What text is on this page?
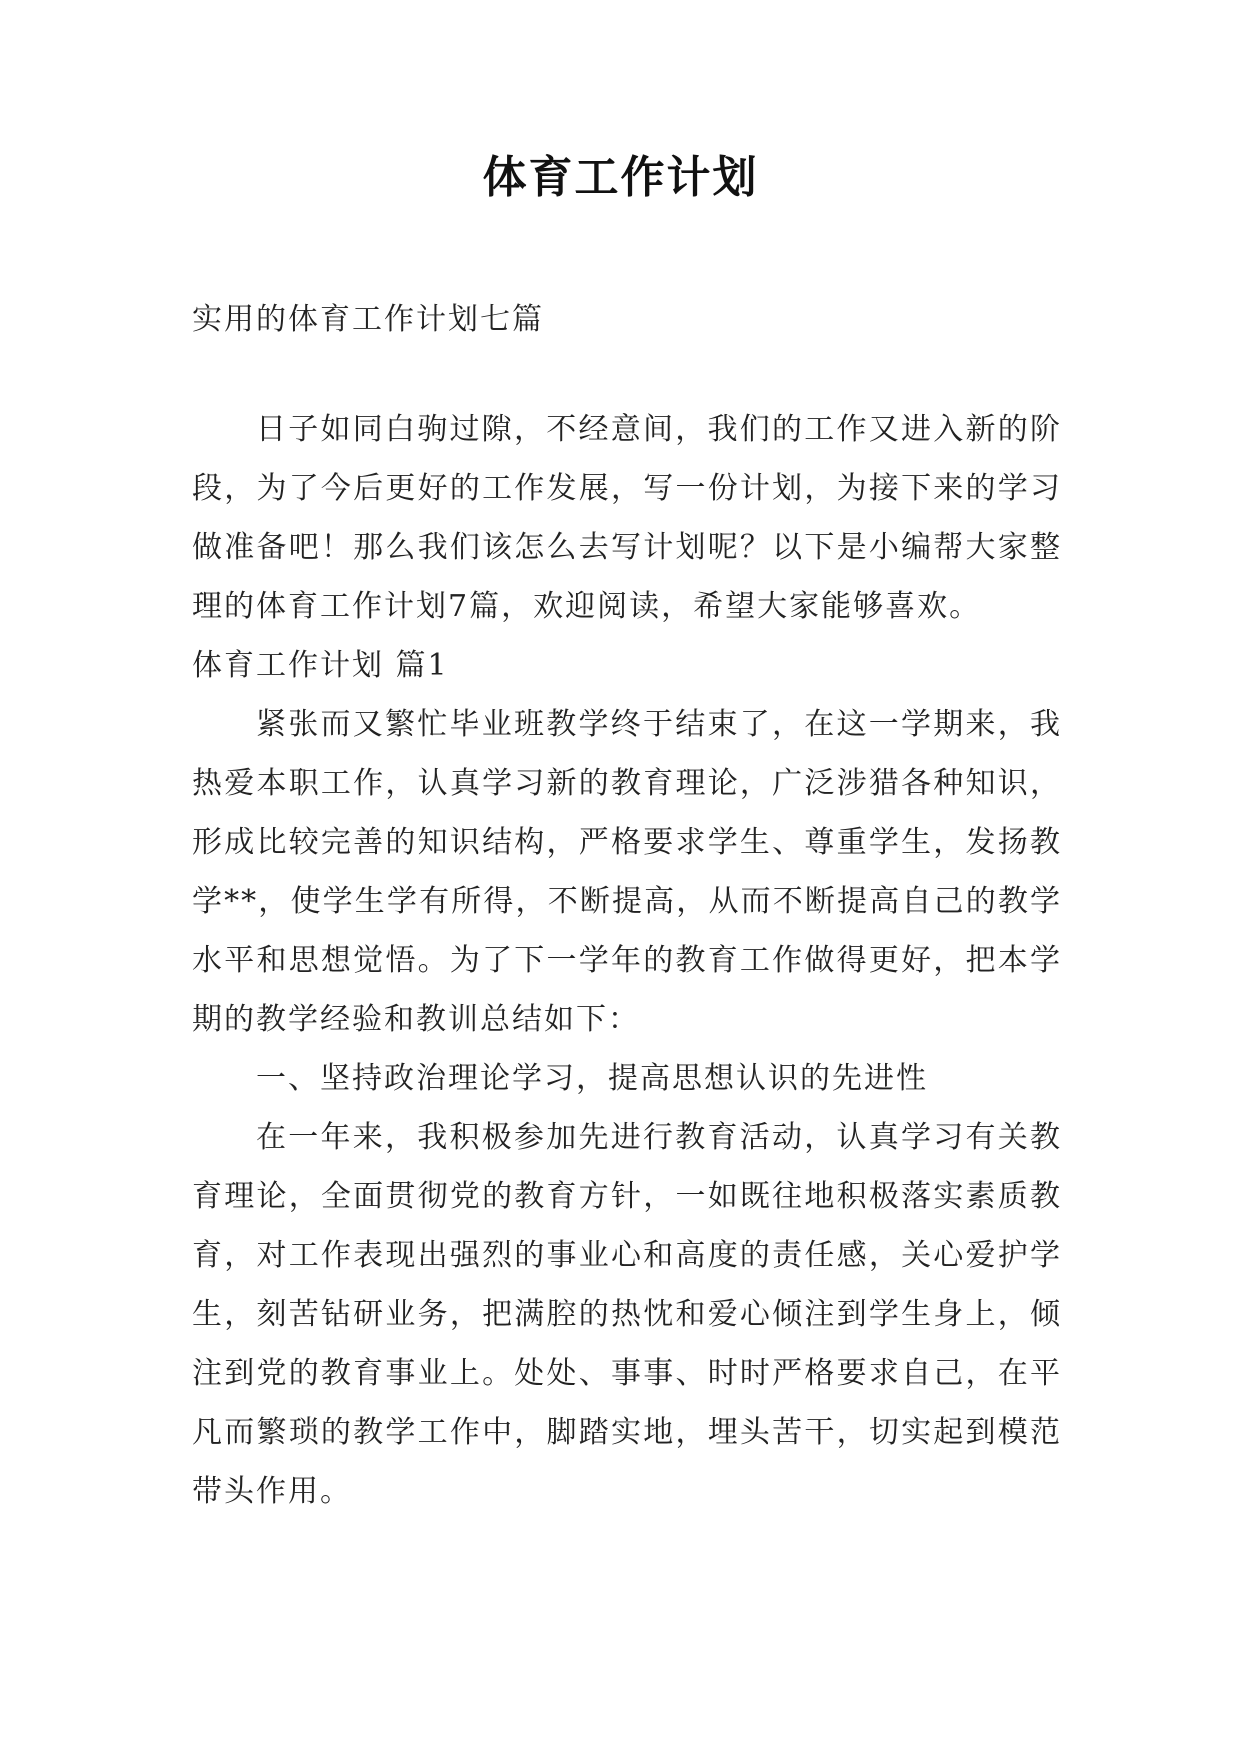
体育工作计划

实用的体育工作计划七篇

日子如同白驹过隙，不经意间，我们的工作又进入新的阶段，为了今后更好的工作发展，写一份计划，为接下来的学习做准备吧！那么我们该怎么去写计划呢？以下是小编帮大家整理的体育工作计划7篇，欢迎阅读，希望大家能够喜欢。

体育工作计划 篇1

紧张而又繁忙毕业班教学终于结束了，在这一学期来，我热爱本职工作，认真学习新的教育理论，广泛涉猎各种知识，形成比较完善的知识结构，严格要求学生、尊重学生，发扬教学**，使学生学有所得，不断提高，从而不断提高自己的教学水平和思想觉悟。为了下一学年的教育工作做得更好，把本学期的教学经验和教训总结如下：

一、坚持政治理论学习，提高思想认识的先进性

在一年来，我积极参加先进行教育活动，认真学习有关教育理论，全面贯彻党的教育方针，一如既往地积极落实素质教育，对工作表现出强烈的事业心和高度的责任感，关心爱护学生，刻苦钻研业务，把满腔的热忱和爱心倾注到学生身上，倾注到党的教育事业上。处处、事事、时时严格要求自己，在平凡而繁琐的教学工作中，脚踏实地，埋头苦干，切实起到模范带头作用。
